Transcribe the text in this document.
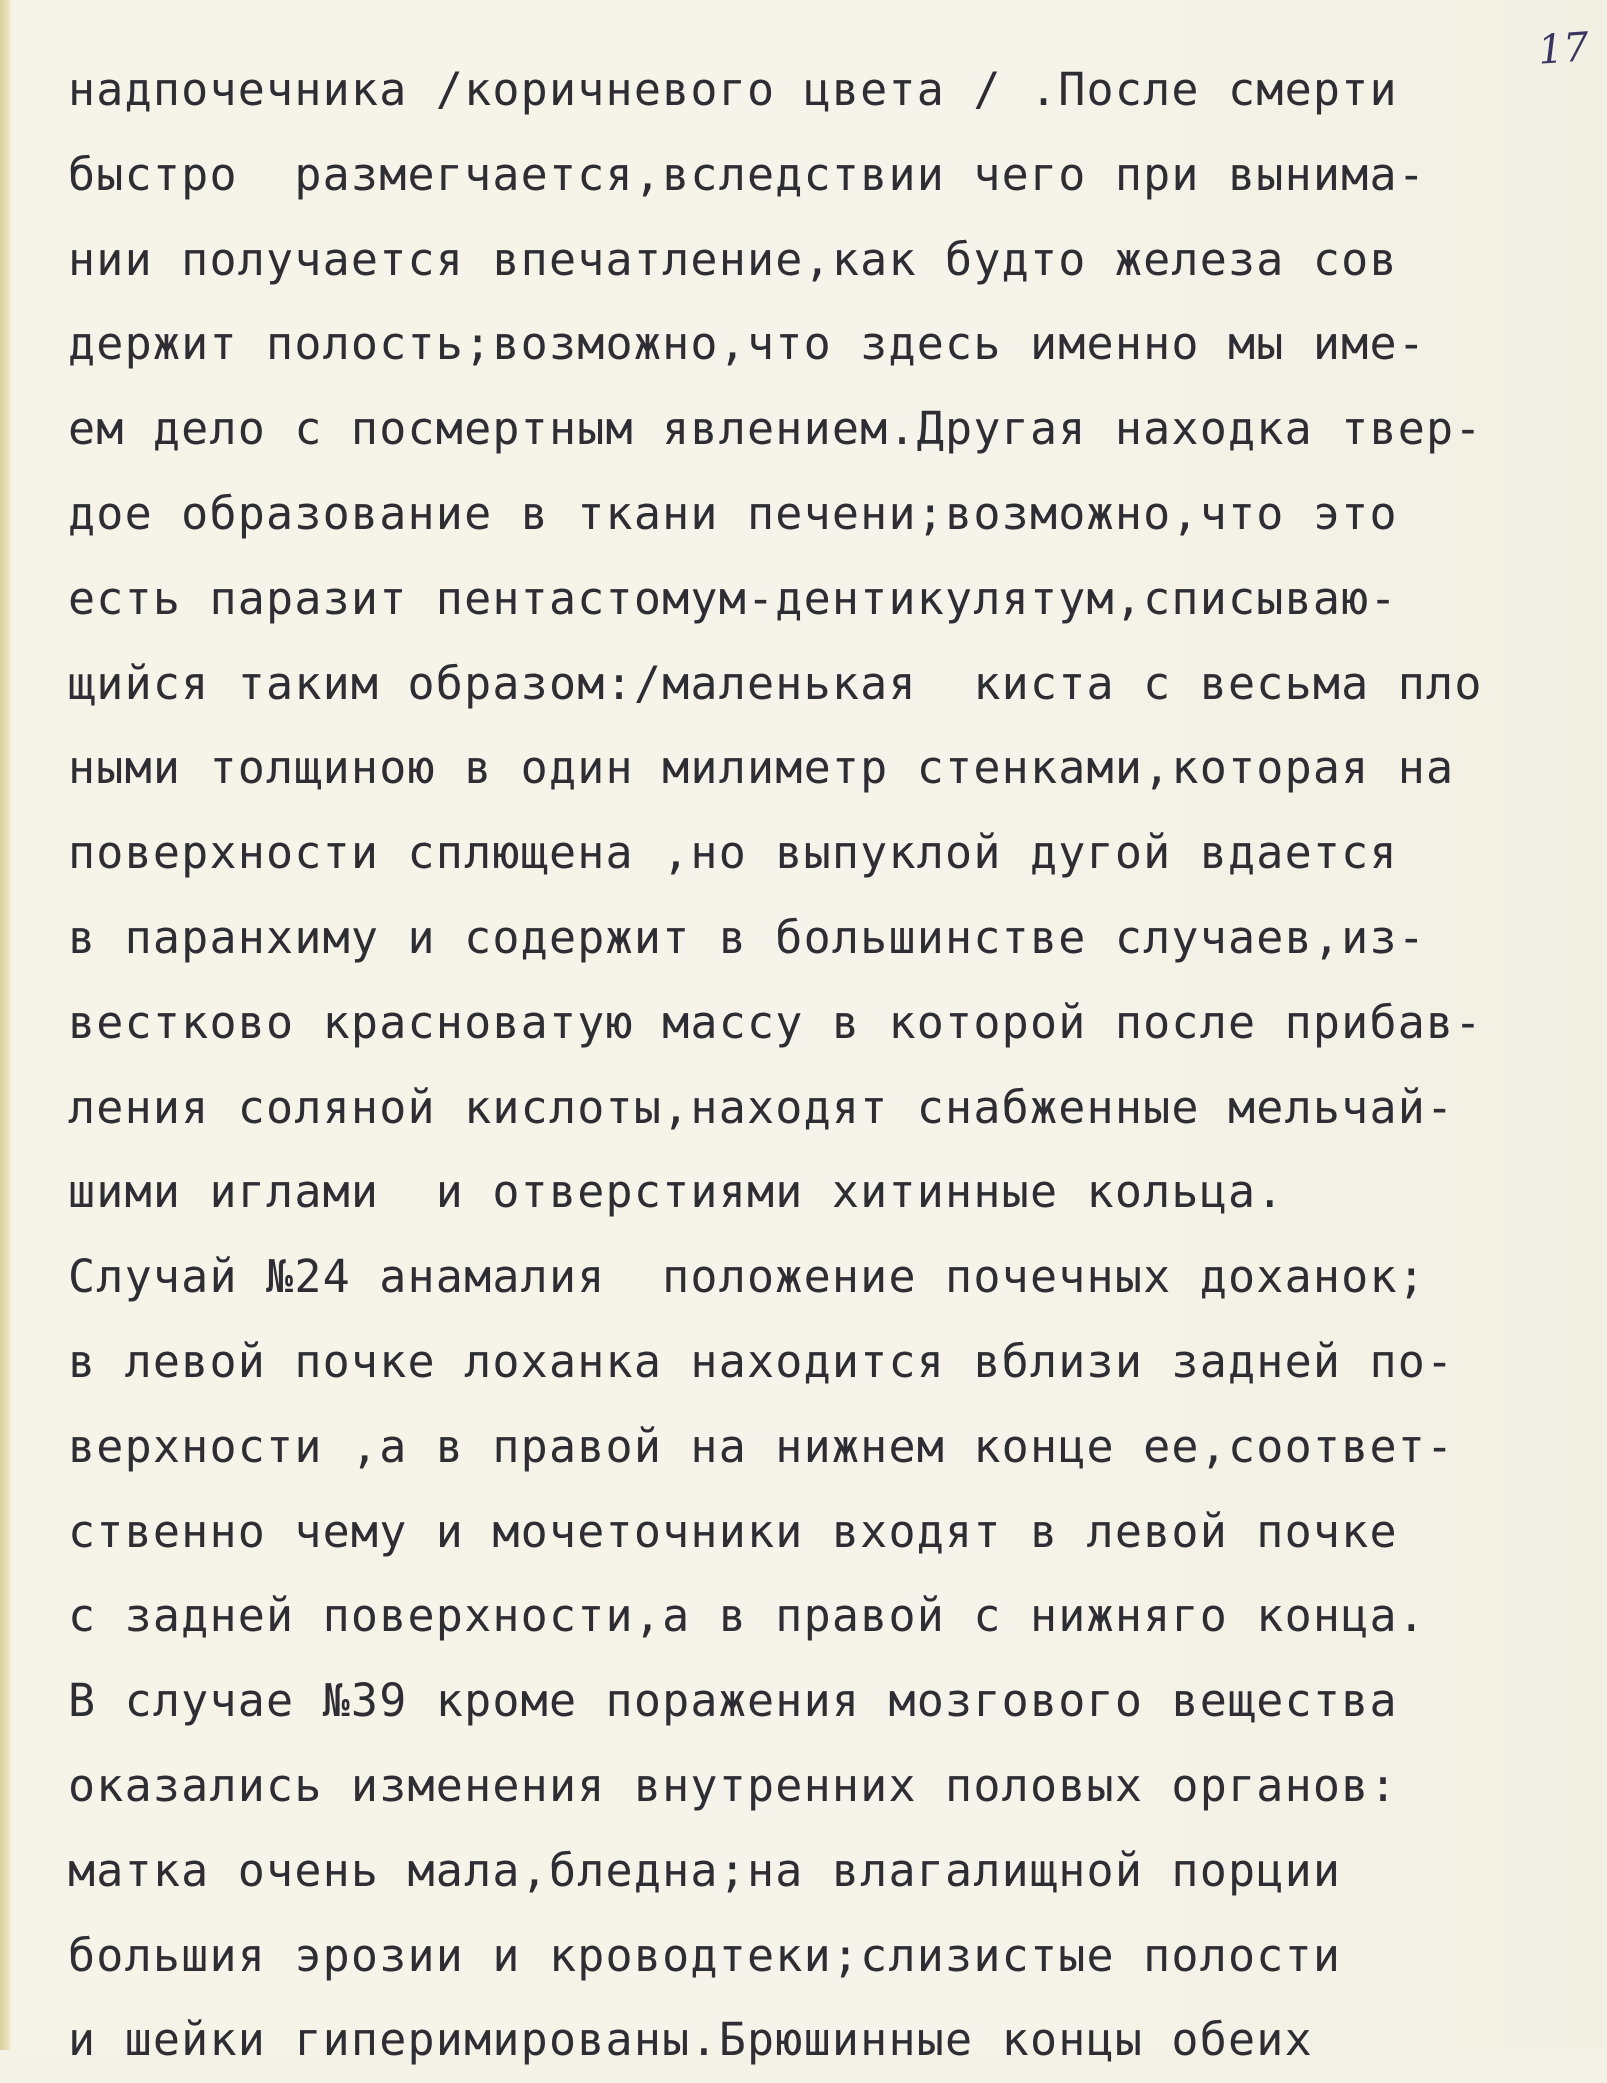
17
надпочечника /коричневого цвета / .После смерти
быстро  размегчается,вследствии чего при вынима-
нии получается впечатление,как будто железа сов
держит полость;возможно,что здесь именно мы име-
ем дело с посмертным явлением.Другая находка твер-
дое образование в ткани печени;возможно,что это
есть паразит пентастомум-дентикулятум,списываю-
щийся таким образом:/маленькая  киста с весьма пло
ными толщиною в один милиметр стенками,которая на
поверхности сплющена ,но выпуклой дугой вдается
в паранхиму и содержит в большинстве случаев,из-
вестково красноватую массу в которой после прибав-
ления соляной кислоты,находят снабженные мельчай-
шими иглами  и отверстиями хитинные кольца.
Случай №24 анамалия  положение почечных доханок;
в левой почке лоханка находится вблизи задней по-
верхности ,а в правой на нижнем конце ее,соответ-
ственно чему и мочеточники входят в левой почке
с задней поверхности,а в правой с нижняго конца.
В случае №39 кроме поражения мозгового вещества
оказались изменения внутренних половых органов:
матка очень мала,бледна;на влагалищной порции
большия эрозии и кроводтеки;слизистые полости
и шейки гиперимированы.Брюшинные концы обеих
